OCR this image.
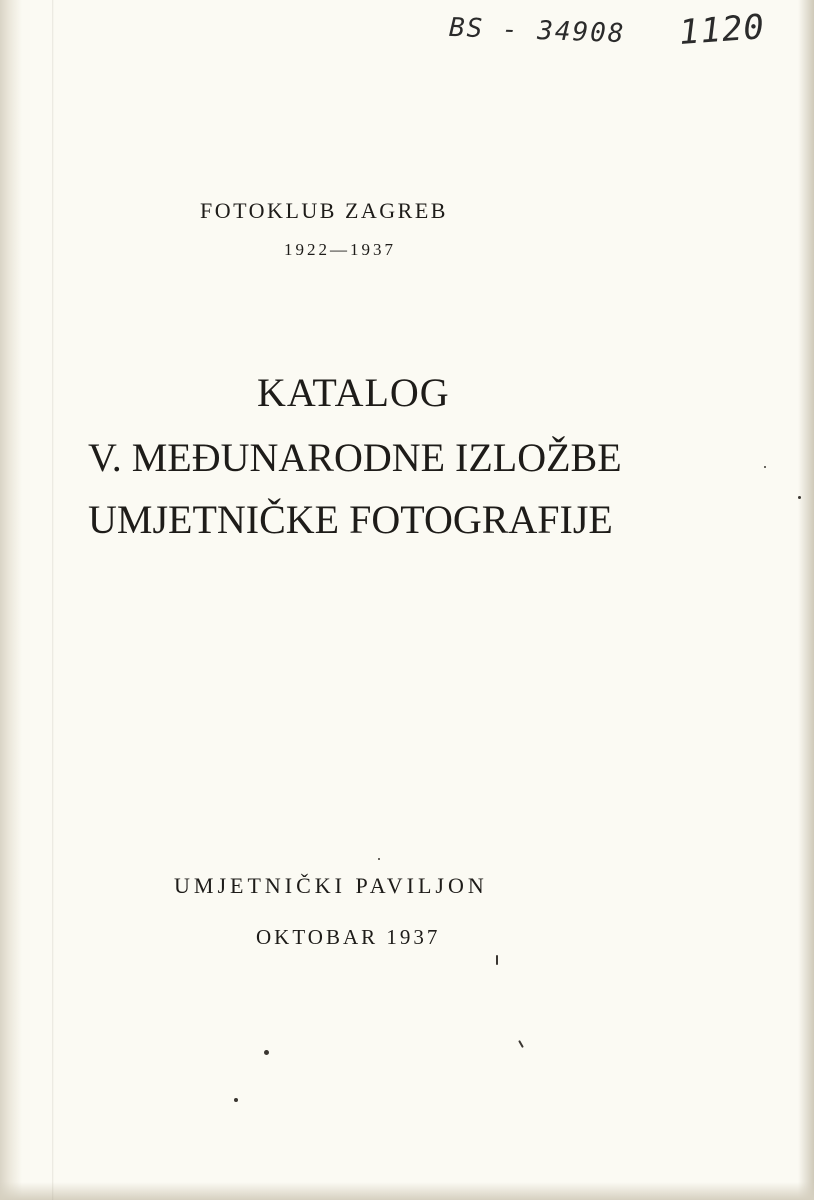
BS - 34908 1120

FOTOKLUB ZAGREB

1922—1937

KATALOG

V. MEĐUNARODNE IZLOŽBE

UMJETNIČKE FOTOGRAFIJE

UMJETNIČKI PAVILJON

OKTOBAR 1937
